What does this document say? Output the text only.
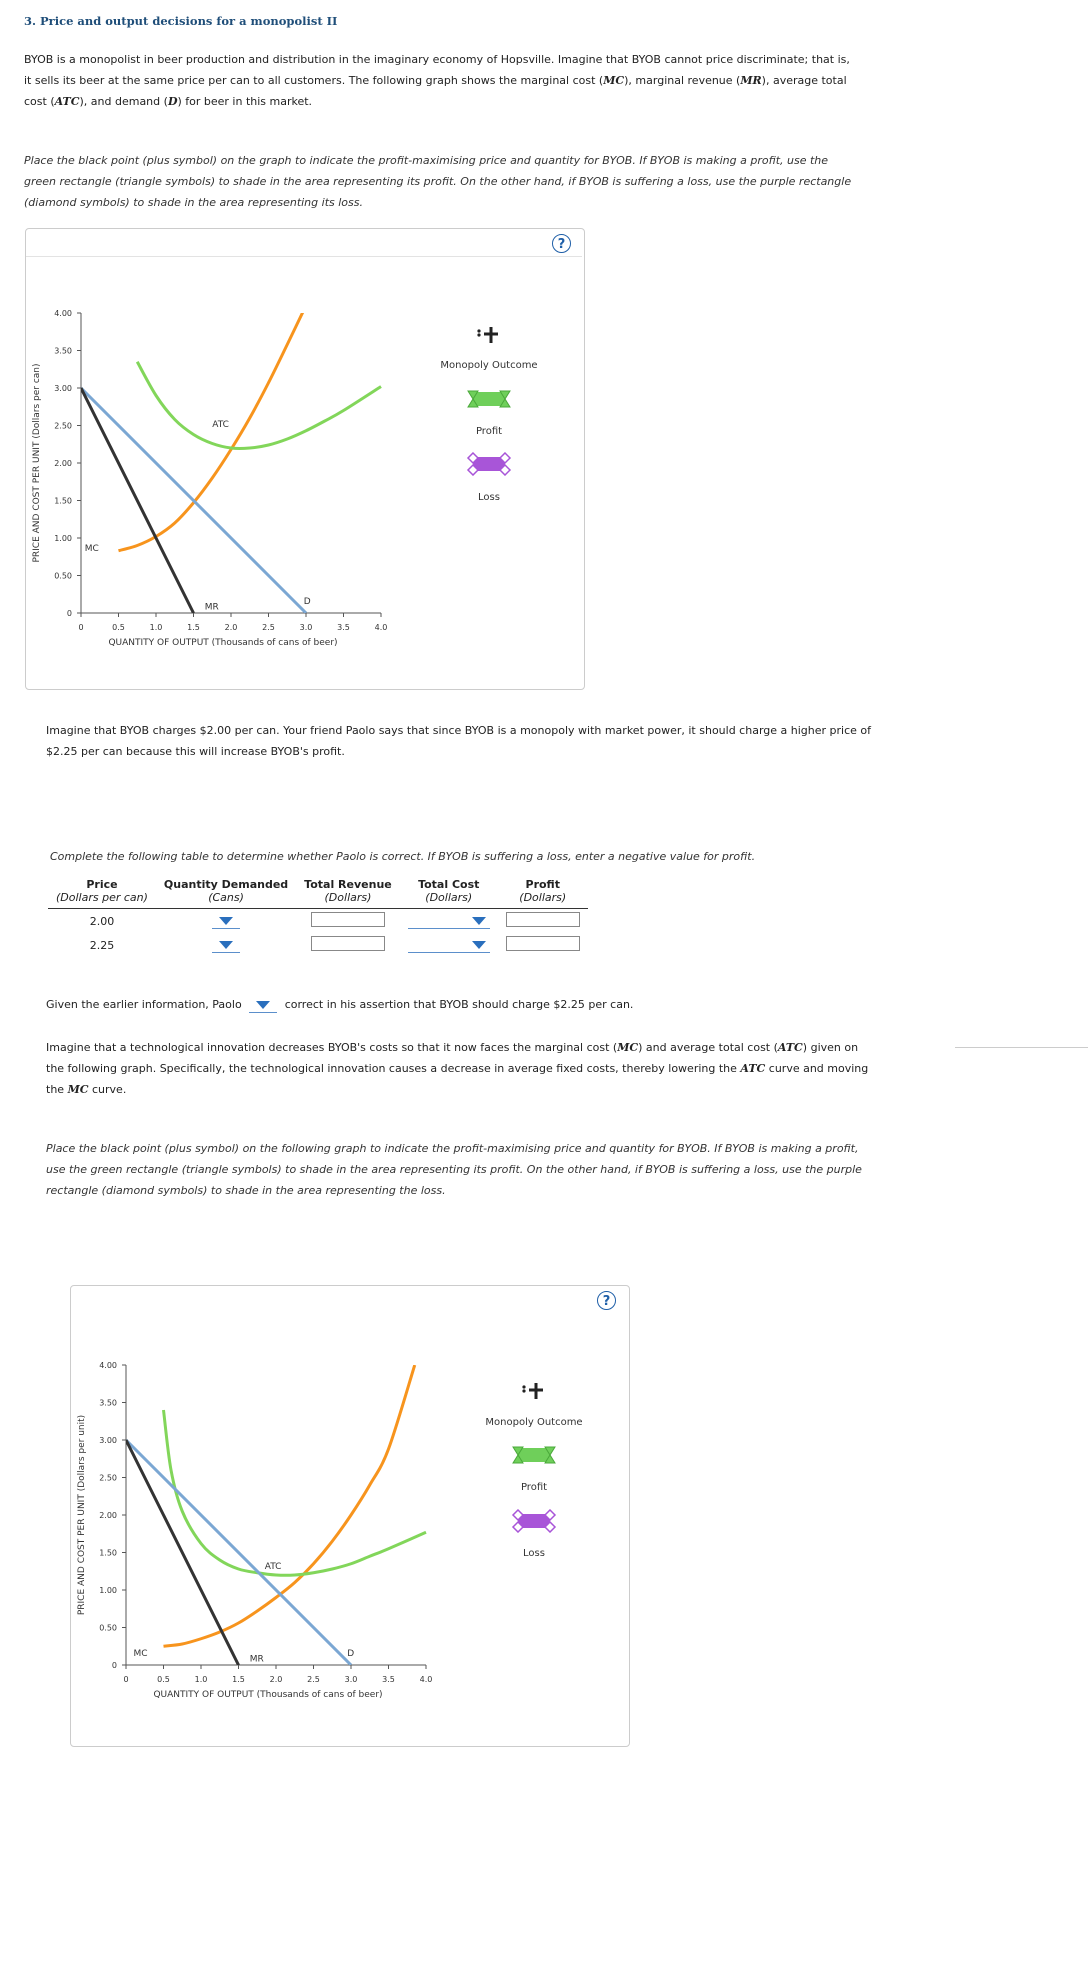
3. Price and output decisions for a monopolist II
BYOB is a monopolist in beer production and distribution in the imaginary economy of Hopsville. Imagine that BYOB cannot price discriminate; that is,
it sells its beer at the same price per can to all customers. The following graph shows the marginal cost (MC), marginal revenue (MR), average total
cost (ATC), and demand (D) for beer in this market.
Place the black point (plus symbol) on the graph to indicate the profit-maximising price and quantity for BYOB. If BYOB is making a profit, use the
green rectangle (triangle symbols) to shade in the area representing its profit. On the other hand, if BYOB is suffering a loss, use the purple rectangle
(diamond symbols) to shade in the area representing its loss.
?
0
0.50
1.00
1.50
2.00
2.50
3.00
3.50
4.00
0	0.5	1.0	1.5	2.0	2.5	3.0	3.5	4.0
QUANTITY OF OUTPUT (Thousands of cans of beer)
PRICE AND COST PER UNIT (Dollars per can)	MC
ATC
D
MR
Monopoly Outcome
Profit
Loss
Imagine that BYOB charges $2.00 per can. Your friend Paolo says that since BYOB is a monopoly with market power, it should charge a higher price of
$2.25 per can because this will increase BYOB's profit.
Complete the following table to determine whether Paolo is correct. If BYOB is suffering a loss, enter a negative value for profit.
Price	Quantity Demanded	Total Revenue	Total Cost	Profit
(Dollars per can)	(Cans)	(Dollars)	(Dollars)	(Dollars)
2.00				
2.25				
Given the earlier information, Paolo	correct in his assertion that BYOB should charge $2.25 per can.
Imagine that a technological innovation decreases BYOB's costs so that it now faces the marginal cost (MC) and average total cost (ATC) given on
the following graph. Specifically, the technological innovation causes a decrease in average fixed costs, thereby lowering the ATC curve and moving
the MC curve.
Place the black point (plus symbol) on the following graph to indicate the profit-maximising price and quantity for BYOB. If BYOB is making a profit,
use the green rectangle (triangle symbols) to shade in the area representing its profit. On the other hand, if BYOB is suffering a loss, use the purple
rectangle (diamond symbols) to shade in the area representing the loss.
?
0
0.50
1.00
1.50
2.00
2.50
3.00
3.50
4.00
0	0.5	1.0	1.5	2.0	2.5	3.0	3.5	4.0
QUANTITY OF OUTPUT (Thousands of cans of beer)
PRICE AND COST PER UNIT (Dollars per unit)
MC
ATC
D
MR
Monopoly Outcome
Profit
Loss
